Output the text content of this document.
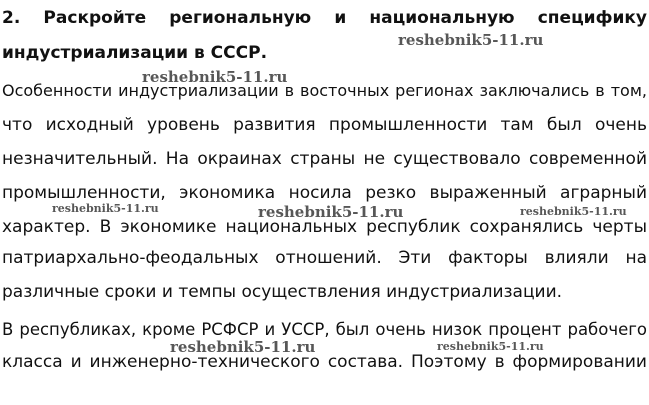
2. Раскройте региональную и национальную специфику
индустриализации в СССР.
Особенности индустриализации в восточных регионах заключались в том,
что исходный уровень развития промышленности там был очень
незначительный. На окраинах страны не существовало современной
промышленности, экономика носила резко выраженный аграрный
характер. В экономике национальных республик сохранялись черты
патриархально-феодальных отношений. Эти факторы влияли на
различные сроки и темпы осуществления индустриализации.
В республиках, кроме РСФСР и УССР, был очень низок процент рабочего
класса и инженерно-технического состава. Поэтому в формировании
reshebnik5-11.ru
reshebnik5-11.ru
reshebnik5-11.ru	reshebnik5-11.ru	reshebnik5-11.ru
reshebnik5-11.ru	reshebnik5-11.ru
